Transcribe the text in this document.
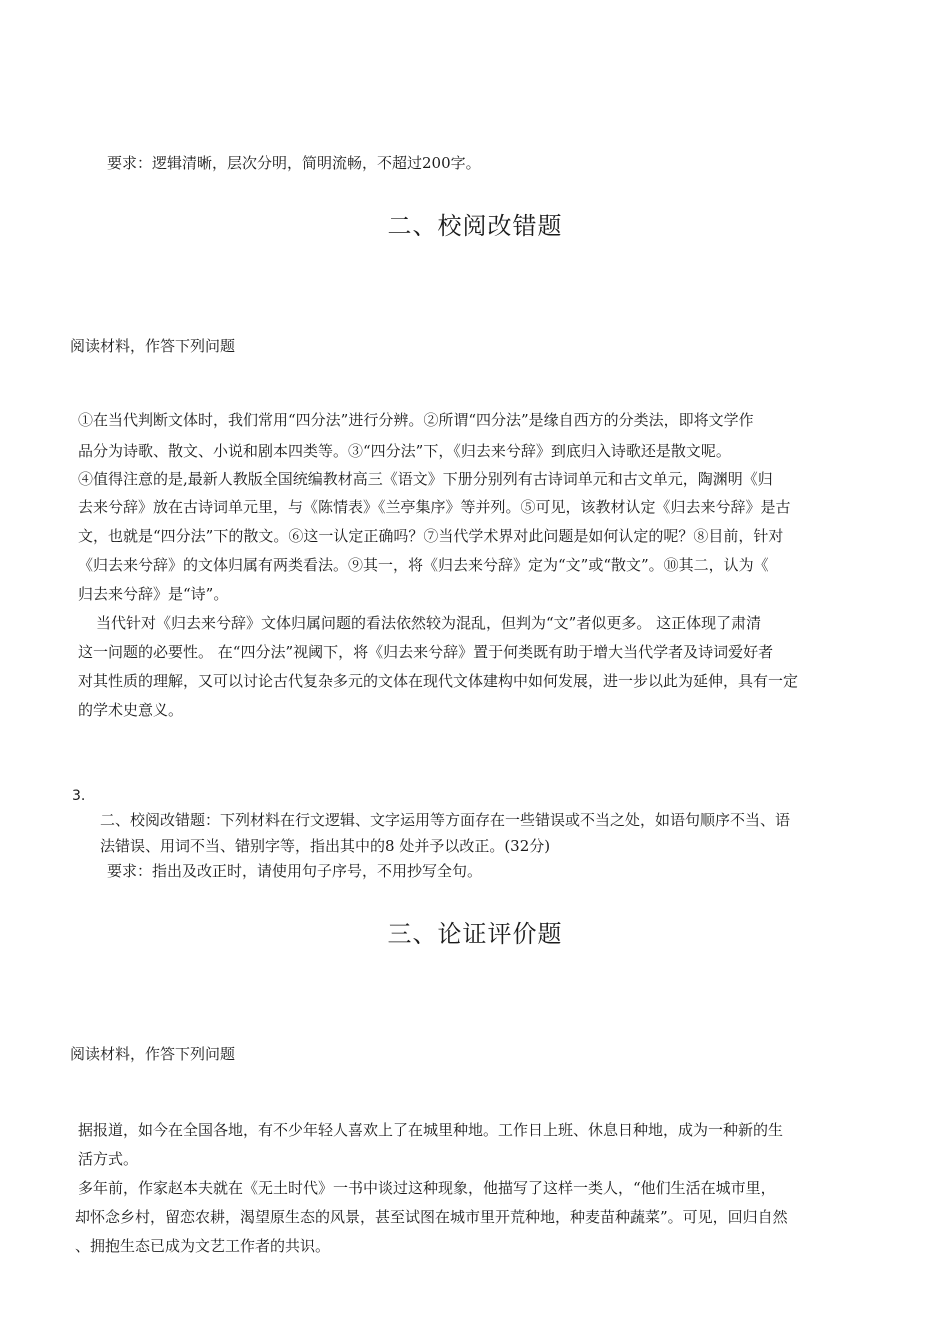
要求：逻辑清晰，层次分明，简明流畅，不超过200字。
二、校阅改错题
阅读材料，作答下列问题
①在当代判断文体时，我们常用“四分法”进行分辨。②所谓“四分法”是缘自西方的分类法，即将文学作
品分为诗歌、散文、小说和剧本四类等。③“四分法”下，《归去来兮辞》到底归入诗歌还是散文呢。
④值得注意的是,最新人教版全国统编教材高三《语文》下册分别列有古诗词单元和古文单元，陶渊明《归
去来兮辞》放在古诗词单元里，与《陈情表》《兰亭集序》等并列。⑤可见，该教材认定《归去来兮辞》是古
文，也就是“四分法”下的散文。⑥这一认定正确吗？⑦当代学术界对此问题是如何认定的呢？⑧目前，针对
《归去来兮辞》的文体归属有两类看法。⑨其一，将《归去来兮辞》定为“文”或“散文”。⑩其二，认为《
归去来兮辞》是“诗”。
当代针对《归去来兮辞》文体归属问题的看法依然较为混乱，但判为“文”者似更多。 这正体现了肃清
这一问题的必要性。 在“四分法”视阈下，将《归去来兮辞》置于何类既有助于增大当代学者及诗词爱好者
对其性质的理解，又可以讨论古代复杂多元的文体在现代文体建构中如何发展，进一步以此为延伸，具有一定
的学术史意义。
3.
二、校阅改错题：下列材料在行文逻辑、文字运用等方面存在一些错误或不当之处，如语句顺序不当、语
法错误、用词不当、错别字等，指出其中的8 处并予以改正。(32分)
要求：指出及改正时，请使用句子序号，不用抄写全句。
三、论证评价题
阅读材料，作答下列问题
据报道，如今在全国各地，有不少年轻人喜欢上了在城里种地。工作日上班、休息日种地，成为一种新的生
活方式。
多年前，作家赵本夫就在《无土时代》一书中谈过这种现象，他描写了这样一类人，“他们生活在城市里，
却怀念乡村，留恋农耕，渴望原生态的风景，甚至试图在城市里开荒种地，种麦苗种蔬菜”。可见，回归自然
、拥抱生态已成为文艺工作者的共识。
